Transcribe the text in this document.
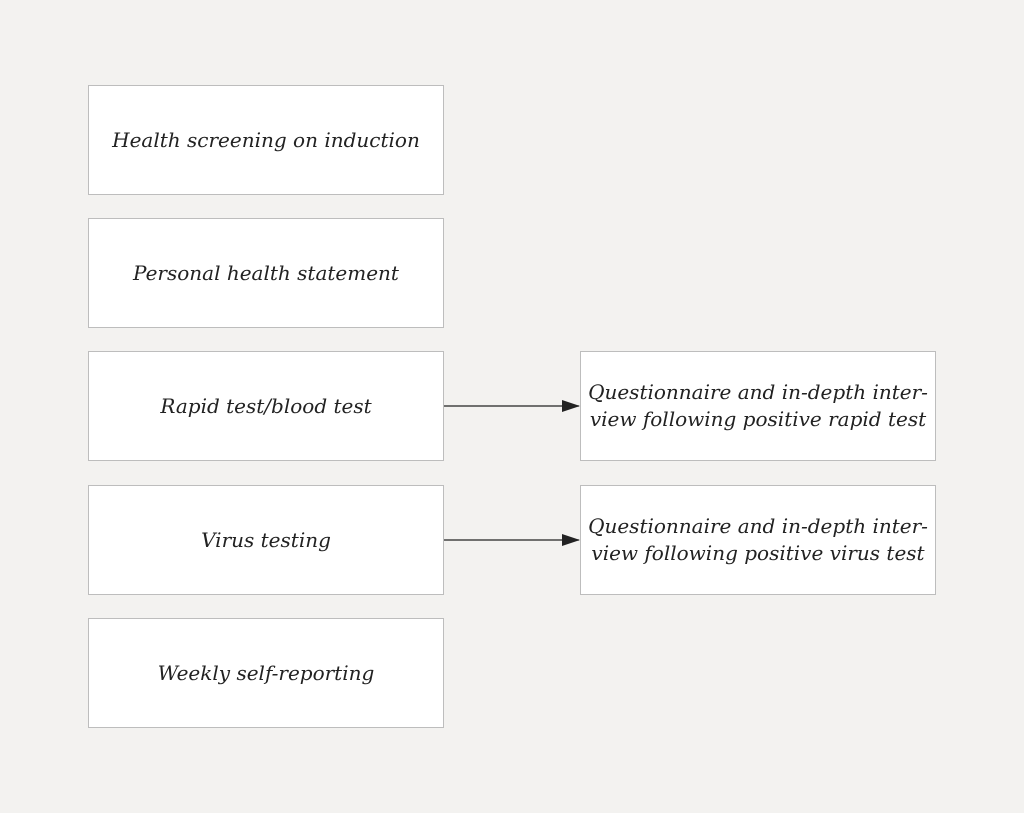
Health screening on induction
Personal health statement
Rapid test/blood test
Virus testing
Weekly self-reporting
Questionnaire and in-depth inter-
view following positive rapid test
Questionnaire and in-depth inter-
view following positive virus test
